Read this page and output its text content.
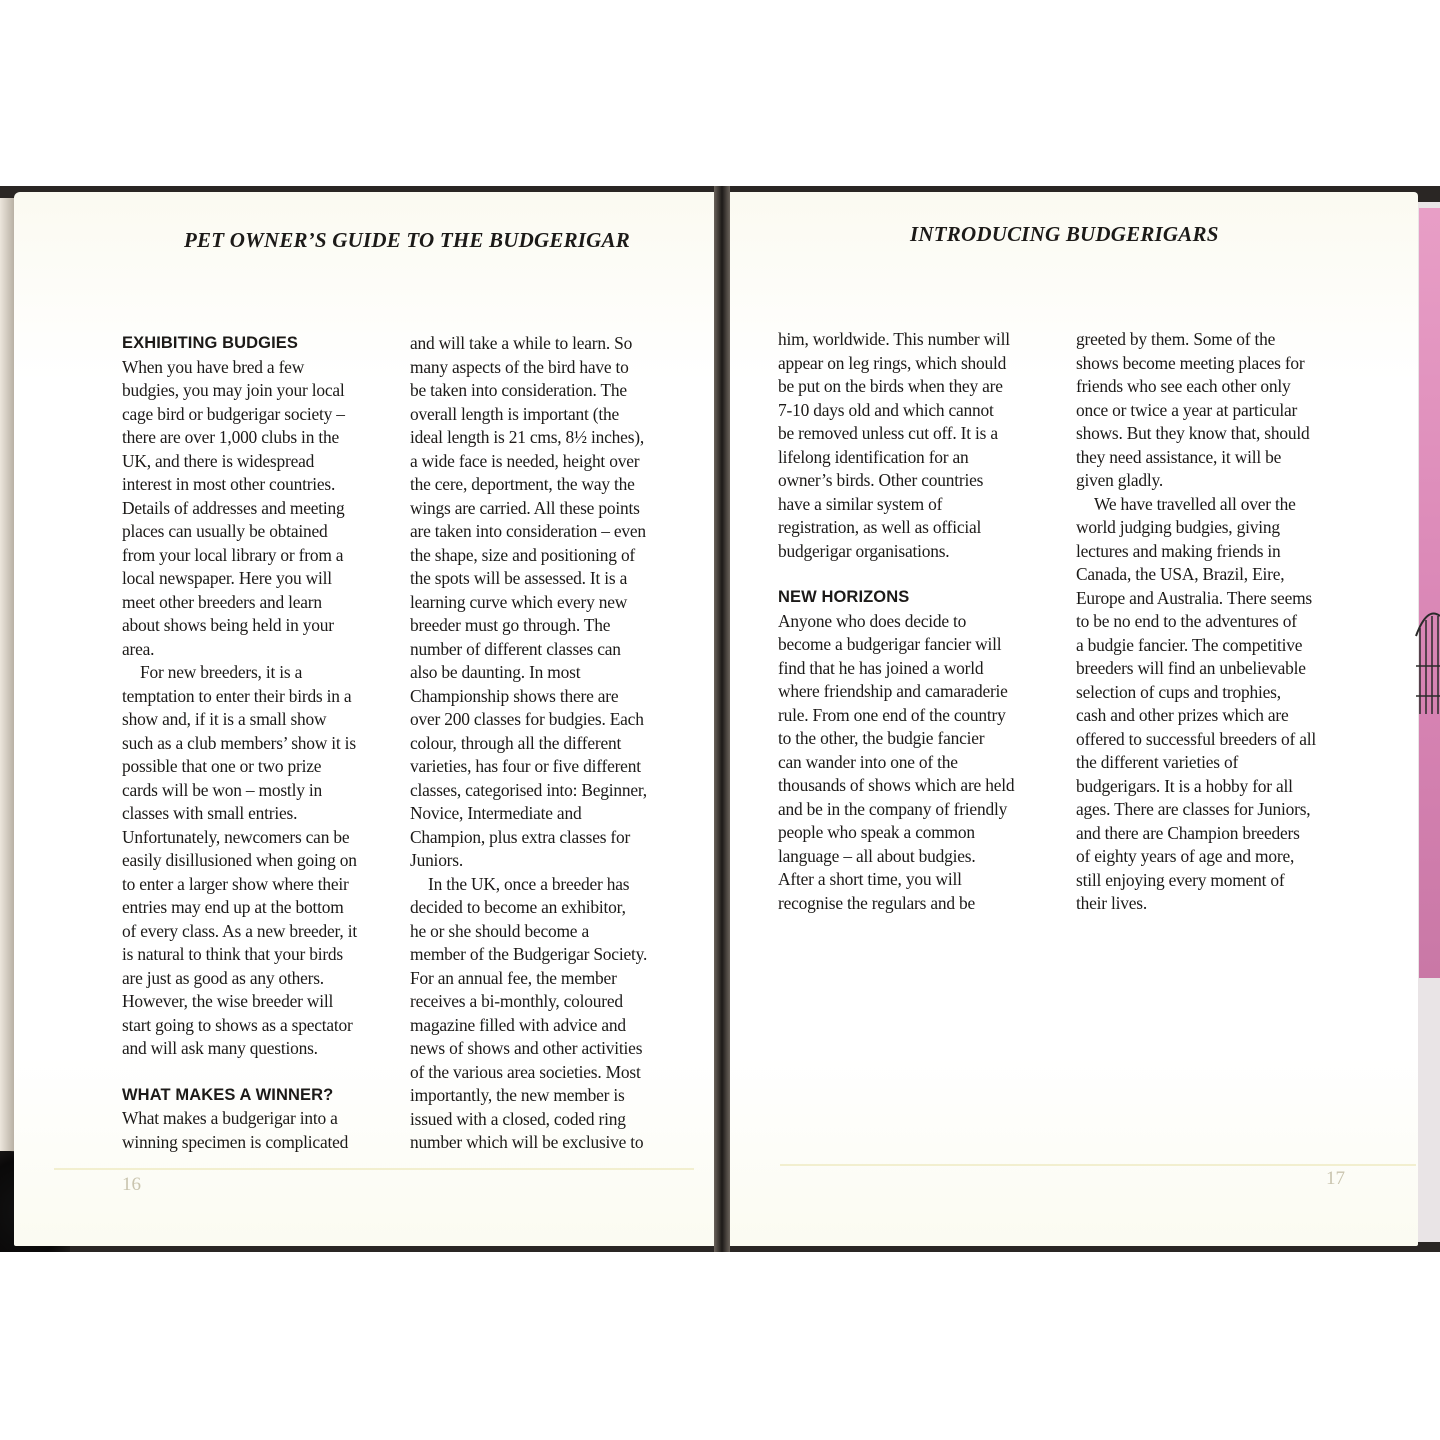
PET OWNER’S GUIDE TO THE BUDGERIGAR
EXHIBITING BUDGIES
When you have bred a few
budgies, you may join your local
cage bird or budgerigar society –
there are over 1,000 clubs in the
UK, and there is widespread
interest in most other countries.
Details of addresses and meeting
places can usually be obtained
from your local library or from a
local newspaper. Here you will
meet other breeders and learn
about shows being held in your
area.
For new breeders, it is a
temptation to enter their birds in a
show and, if it is a small show
such as a club members’ show it is
possible that one or two prize
cards will be won – mostly in
classes with small entries.
Unfortunately, newcomers can be
easily disillusioned when going on
to enter a larger show where their
entries may end up at the bottom
of every class. As a new breeder, it
is natural to think that your birds
are just as good as any others.
However, the wise breeder will
start going to shows as a spectator
and will ask many questions.
WHAT MAKES A WINNER?
What makes a budgerigar into a
winning specimen is complicated
and will take a while to learn. So
many aspects of the bird have to
be taken into consideration. The
overall length is important (the
ideal length is 21 cms, 8½ inches),
a wide face is needed, height over
the cere, deportment, the way the
wings are carried. All these points
are taken into consideration – even
the shape, size and positioning of
the spots will be assessed. It is a
learning curve which every new
breeder must go through. The
number of different classes can
also be daunting. In most
Championship shows there are
over 200 classes for budgies. Each
colour, through all the different
varieties, has four or five different
classes, categorised into: Beginner,
Novice, Intermediate and
Champion, plus extra classes for
Juniors.
In the UK, once a breeder has
decided to become an exhibitor,
he or she should become a
member of the Budgerigar Society.
For an annual fee, the member
receives a bi-monthly, coloured
magazine filled with advice and
news of shows and other activities
of the various area societies. Most
importantly, the new member is
issued with a closed, coded ring
number which will be exclusive to
16
INTRODUCING BUDGERIGARS
him, worldwide. This number will
appear on leg rings, which should
be put on the birds when they are
7-10 days old and which cannot
be removed unless cut off. It is a
lifelong identification for an
owner’s birds. Other countries
have a similar system of
registration, as well as official
budgerigar organisations.
NEW HORIZONS
Anyone who does decide to
become a budgerigar fancier will
find that he has joined a world
where friendship and camaraderie
rule. From one end of the country
to the other, the budgie fancier
can wander into one of the
thousands of shows which are held
and be in the company of friendly
people who speak a common
language – all about budgies.
After a short time, you will
recognise the regulars and be
greeted by them. Some of the
shows become meeting places for
friends who see each other only
once or twice a year at particular
shows. But they know that, should
they need assistance, it will be
given gladly.
We have travelled all over the
world judging budgies, giving
lectures and making friends in
Canada, the USA, Brazil, Eire,
Europe and Australia. There seems
to be no end to the adventures of
a budgie fancier. The competitive
breeders will find an unbelievable
selection of cups and trophies,
cash and other prizes which are
offered to successful breeders of all
the different varieties of
budgerigars. It is a hobby for all
ages. There are classes for Juniors,
and there are Champion breeders
of eighty years of age and more,
still enjoying every moment of
their lives.
17
